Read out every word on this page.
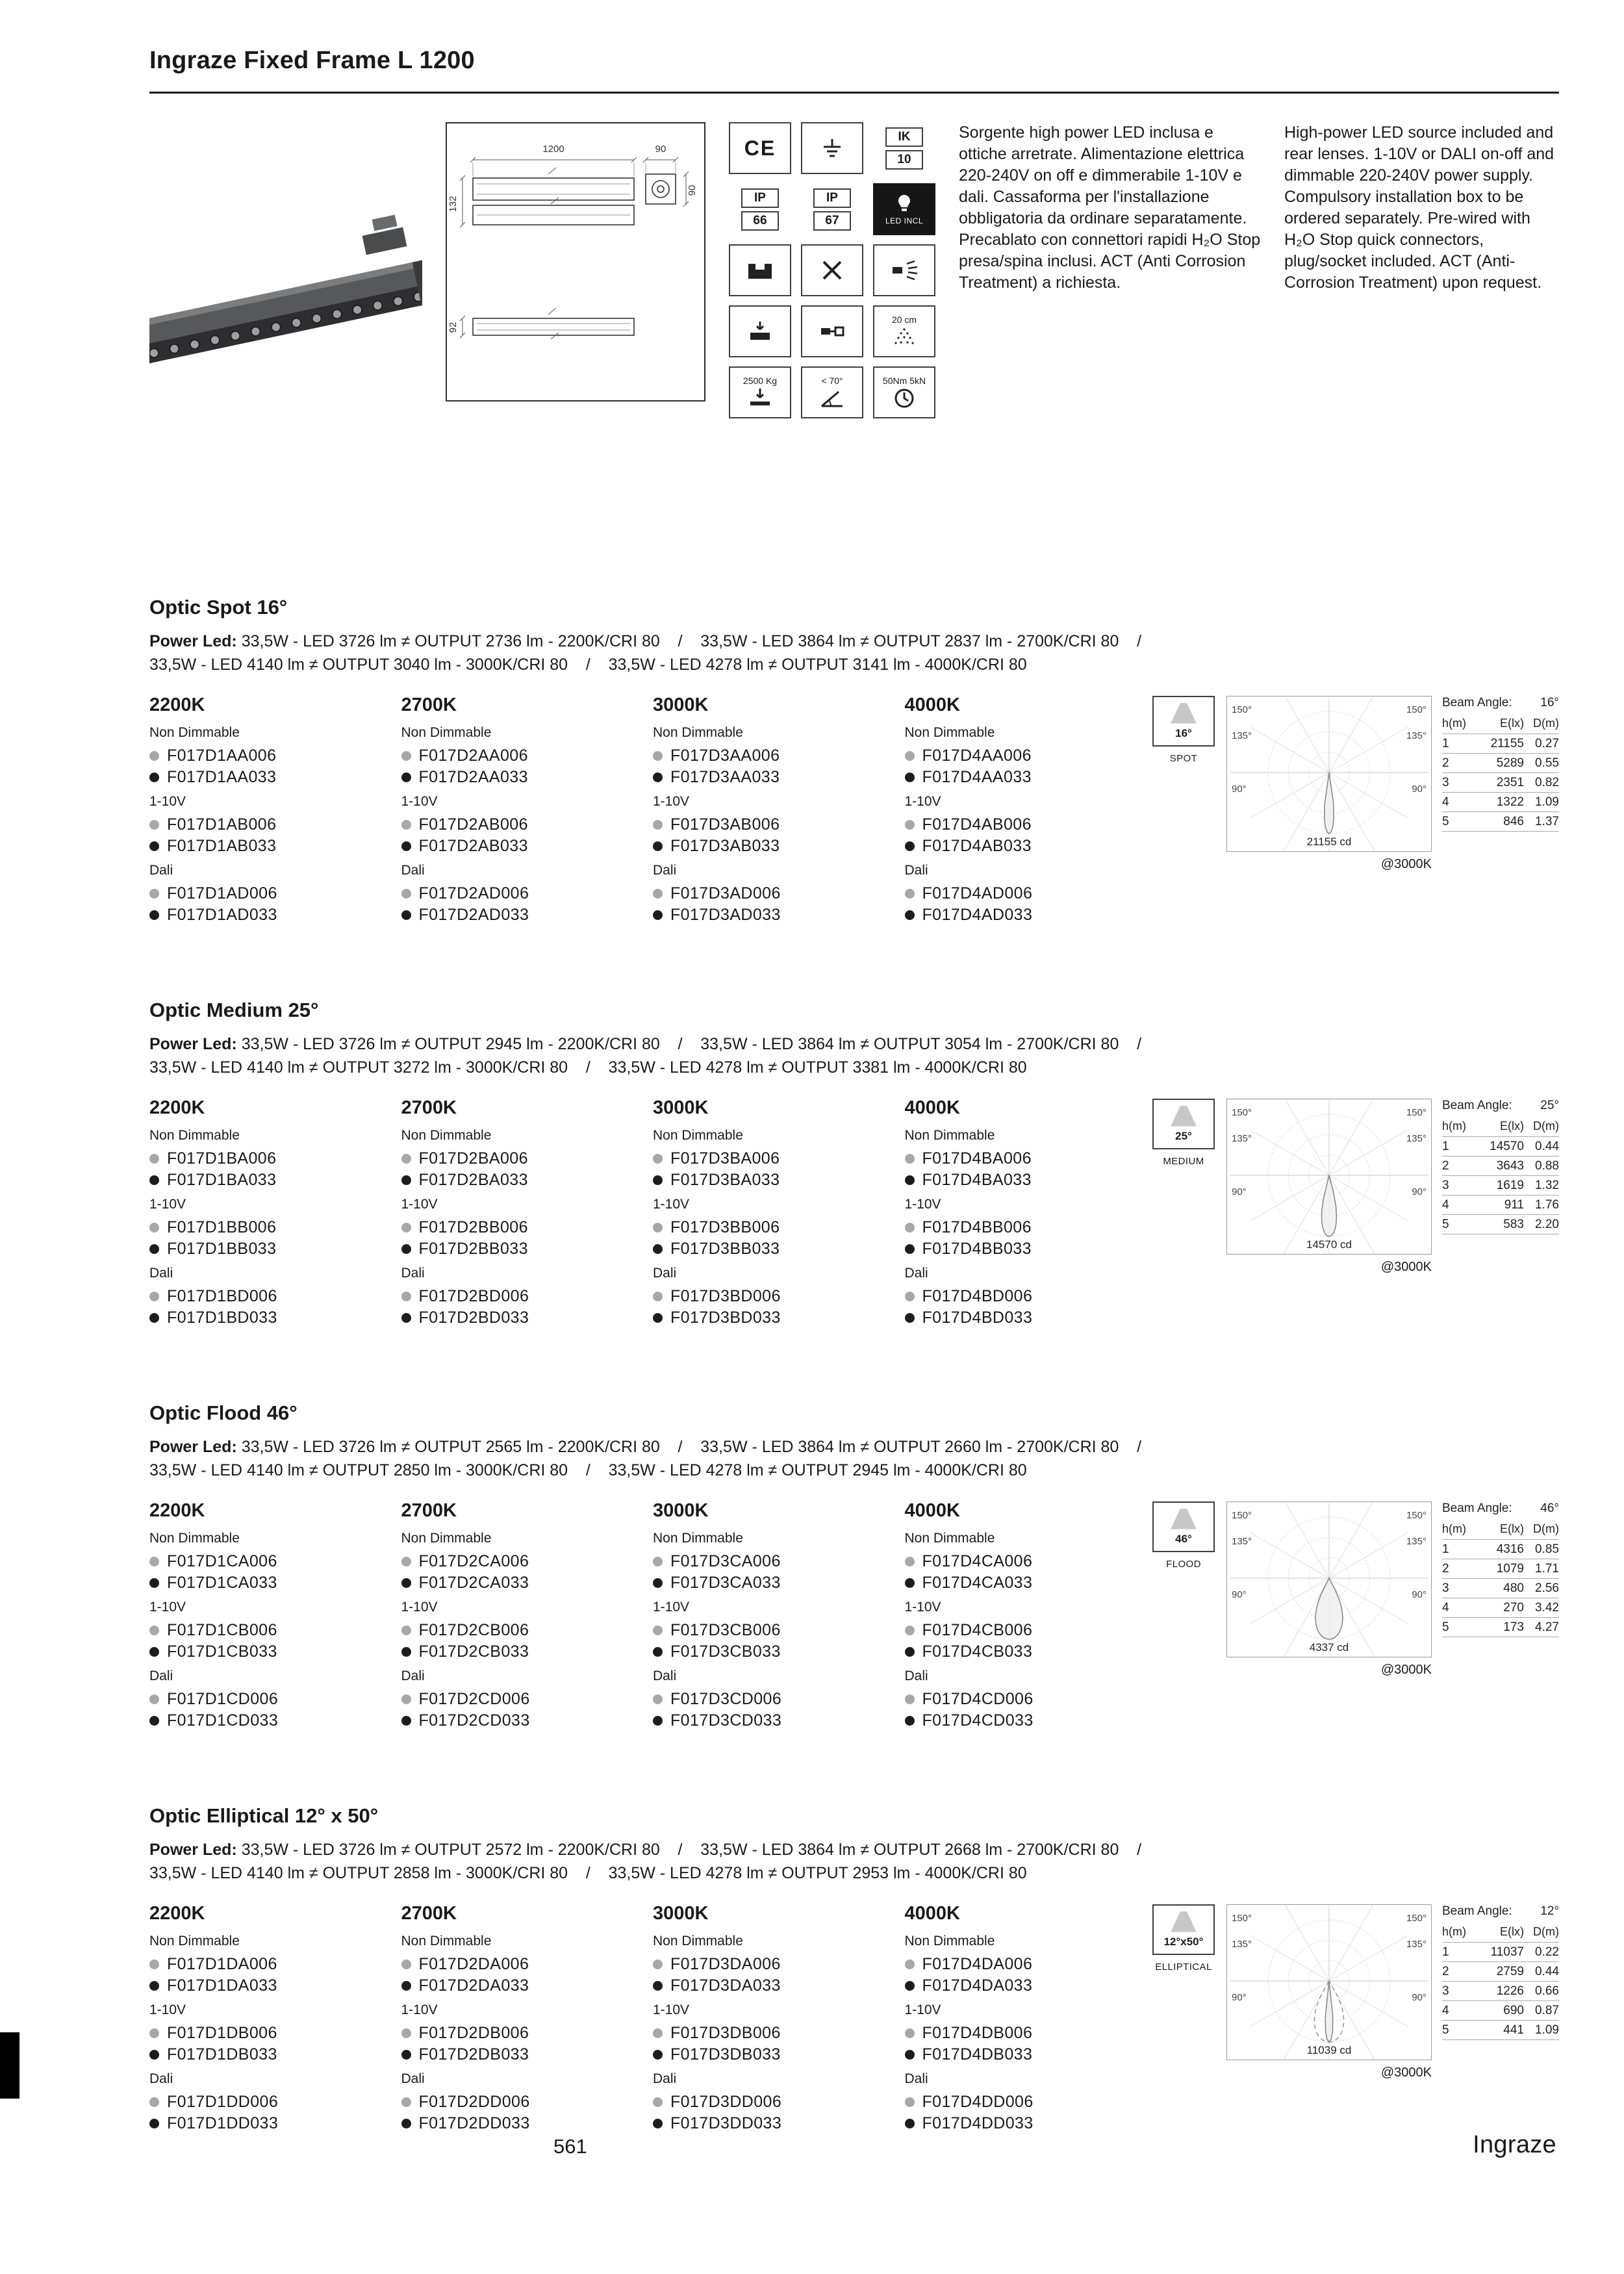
Ingraze Fixed Frame L 1200
1200	90
132
90
92
CE	IK
10
IP
66
IP
67	LED INCL
20 cm
2500 Kg	< 70°	50Nm 5kN

Sorgente high power LED inclusa e ottiche arretrate. Alimentazione elettrica 220-240V on off e dimmerabile 1-10V e dali. Cassaforma per l'installazione obbligatoria da ordinare separatamente. Precablato con connettori rapidi H₂O Stop presa/spina inclusi. ACT (Anti Corrosion Treatment) a richiesta.

High-power LED source included and rear lenses. 1-10V or DALI on-off and dimmable 220-240V power supply. Compulsory installation box to be ordered separately. Pre-wired with H₂O Stop quick connectors, plug/socket included. ACT (Anti-Corrosion Treatment) upon request.

Optic Spot 16°

Power Led: 33,5W - LED 3726 lm ≠ OUTPUT 2736 lm - 2200K/CRI 80    /    33,5W - LED 3864 lm ≠ OUTPUT 2837 lm - 2700K/CRI 80    /

33,5W - LED 4140 lm ≠ OUTPUT 3040 lm - 3000K/CRI 80    /    33,5W - LED 4278 lm ≠ OUTPUT 3141 lm - 4000K/CRI 80

2200K
Non Dimmable
F017D1AA006
F017D1AA033
1-10V
F017D1AB006
F017D1AB033
Dali
F017D1AD006
F017D1AD033
2700K
Non Dimmable
F017D2AA006
F017D2AA033
1-10V
F017D2AB006
F017D2AB033
Dali
F017D2AD006
F017D2AD033
3000K
Non Dimmable
F017D3AA006
F017D3AA033
1-10V
F017D3AB006
F017D3AB033
Dali
F017D3AD006
F017D3AD033
4000K
Non Dimmable
F017D4AA006
F017D4AA033
1-10V
F017D4AB006
F017D4AB033
Dali
F017D4AD006
F017D4AD033
16°
SPOT
150°	150°
135°	135°
90°	90°
21155 cd
@3000K
Beam Angle: 16°
h(m)	E(lx) D(m)
1	21155 0.27
2	5289 0.55
3	2351 0.82
4	1322 1.09
5	846 1.37
Optic Medium 25°

Power Led: 33,5W - LED 3726 lm ≠ OUTPUT 2945 lm - 2200K/CRI 80    /    33,5W - LED 3864 lm ≠ OUTPUT 3054 lm - 2700K/CRI 80    /

33,5W - LED 4140 lm ≠ OUTPUT 3272 lm - 3000K/CRI 80    /    33,5W - LED 4278 lm ≠ OUTPUT 3381 lm - 4000K/CRI 80

2200K
Non Dimmable
F017D1BA006
F017D1BA033
1-10V
F017D1BB006
F017D1BB033
Dali
F017D1BD006
F017D1BD033
2700K
Non Dimmable
F017D2BA006
F017D2BA033
1-10V
F017D2BB006
F017D2BB033
Dali
F017D2BD006
F017D2BD033
3000K
Non Dimmable
F017D3BA006
F017D3BA033
1-10V
F017D3BB006
F017D3BB033
Dali
F017D3BD006
F017D3BD033
4000K
Non Dimmable
F017D4BA006
F017D4BA033
1-10V
F017D4BB006
F017D4BB033
Dali
F017D4BD006
F017D4BD033
25°
MEDIUM
150°	150°
135°	135°
90°	90°
14570 cd
@3000K
Beam Angle: 25°
h(m)	E(lx) D(m)
1	14570 0.44
2	3643 0.88
3	1619 1.32
4	911 1.76
5	583 2.20
Optic Flood 46°

Power Led: 33,5W - LED 3726 lm ≠ OUTPUT 2565 lm - 2200K/CRI 80    /    33,5W - LED 3864 lm ≠ OUTPUT 2660 lm - 2700K/CRI 80    /

33,5W - LED 4140 lm ≠ OUTPUT 2850 lm - 3000K/CRI 80    /    33,5W - LED 4278 lm ≠ OUTPUT 2945 lm - 4000K/CRI 80

2200K
Non Dimmable
F017D1CA006
F017D1CA033
1-10V
F017D1CB006
F017D1CB033
Dali
F017D1CD006
F017D1CD033
2700K
Non Dimmable
F017D2CA006
F017D2CA033
1-10V
F017D2CB006
F017D2CB033
Dali
F017D2CD006
F017D2CD033
3000K
Non Dimmable
F017D3CA006
F017D3CA033
1-10V
F017D3CB006
F017D3CB033
Dali
F017D3CD006
F017D3CD033
4000K
Non Dimmable
F017D4CA006
F017D4CA033
1-10V
F017D4CB006
F017D4CB033
Dali
F017D4CD006
F017D4CD033
46°
FLOOD
150°	150°
135°	135°
90°	90°
4337 cd
@3000K
Beam Angle: 46°
h(m)	E(lx) D(m)
1	4316 0.85
2	1079 1.71
3	480 2.56
4	270 3.42
5	173 4.27
Optic Elliptical 12° x 50°

Power Led: 33,5W - LED 3726 lm ≠ OUTPUT 2572 lm - 2200K/CRI 80    /    33,5W - LED 3864 lm ≠ OUTPUT 2668 lm - 2700K/CRI 80    /

33,5W - LED 4140 lm ≠ OUTPUT 2858 lm - 3000K/CRI 80    /    33,5W - LED 4278 lm ≠ OUTPUT 2953 lm - 4000K/CRI 80

2200K
Non Dimmable
F017D1DA006
F017D1DA033
1-10V
F017D1DB006
F017D1DB033
Dali
F017D1DD006
F017D1DD033
2700K
Non Dimmable
F017D2DA006
F017D2DA033
1-10V
F017D2DB006
F017D2DB033
Dali
F017D2DD006
F017D2DD033
3000K
Non Dimmable
F017D3DA006
F017D3DA033
1-10V
F017D3DB006
F017D3DB033
Dali
F017D3DD006
F017D3DD033
4000K
Non Dimmable
F017D4DA006
F017D4DA033
1-10V
F017D4DB006
F017D4DB033
Dali
F017D4DD006
F017D4DD033
12°x50°
ELLIPTICAL
150°	150°
135°	135°
90°	90°
11039 cd
@3000K
Beam Angle: 12°
h(m)	E(lx) D(m)
1	11037 0.22
2	2759 0.44
3	1226 0.66
4	690 0.87
5	441 1.09
561	Ingraze
